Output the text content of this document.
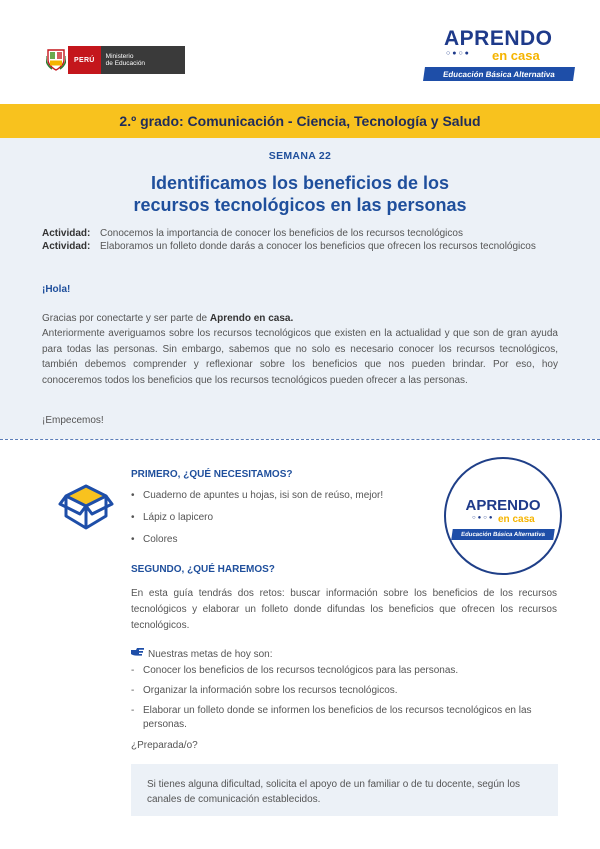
PERÚ
Ministerio
de Educación
APRENDO
○●○● en casa
Educación Básica Alternativa
2.º grado: Comunicación - Ciencia, Tecnología y Salud
SEMANA 22
Identificamos los beneficios de los
recursos tecnológicos en las personas
Actividad: Conocemos la importancia de conocer los beneficios de los recursos tecnológicos
Actividad: Elaboramos un folleto donde darás a conocer los beneficios que ofrecen los recursos tecnológicos
¡Hola!
Gracias por conectarte y ser parte de Aprendo en casa.
Anteriormente averiguamos sobre los recursos tecnológicos que existen en la actualidad y que son de gran ayuda para todas las personas. Sin embargo, sabemos que no solo es necesario conocer los recursos tecnológicos, también debemos comprender y reflexionar sobre los beneficios que nos pueden brindar. Por eso, hoy conoceremos todos los beneficios que los recursos tecnológicos pueden ofrecer a las personas.
¡Empecemos!
PRIMERO, ¿QUÉ NECESITAMOS?
• Cuaderno de apuntes u hojas, isi son de reúso, mejor!
• Lápiz o lapicero
• Colores
APRENDO
○●○● en casa
Educación Básica Alternativa
SEGUNDO, ¿QUÉ HAREMOS?
En esta guía tendrás dos retos: buscar información sobre los beneficios de los recursos tecnológicos y elaborar un folleto donde difundas los beneficios que ofrecen los recursos tecnológicos.
Nuestras metas de hoy son:
- Conocer los beneficios de los recursos tecnológicos para las personas.
- Organizar la información sobre los recursos tecnológicos.
- Elaborar un folleto donde se informen los beneficios de los recursos tecnológicos en las personas.
¿Preparada/o?
Si tienes alguna dificultad, solicita el apoyo de un familiar o de tu docente, según los canales de comunicación establecidos.
